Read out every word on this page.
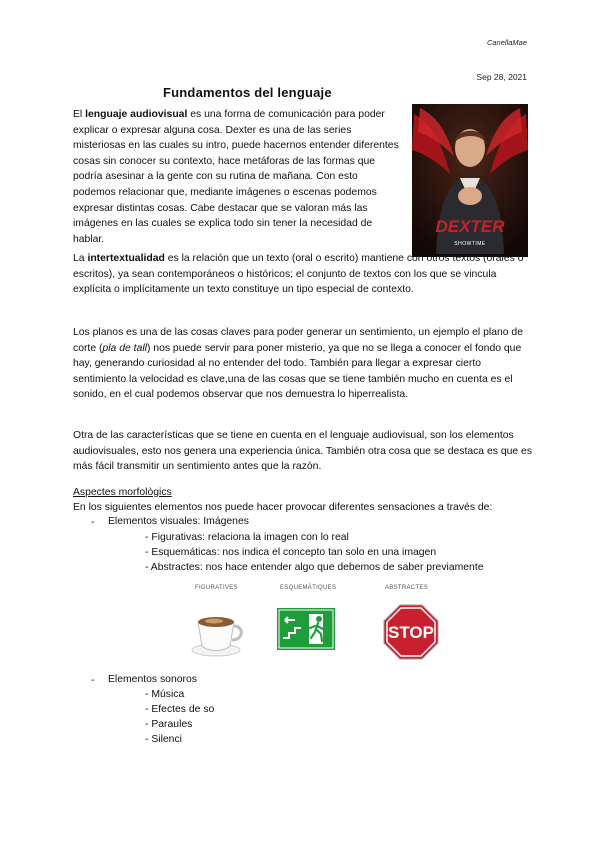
CanellaMae
Sep 28, 2021
Fundamentos del lenguaje

El lenguaje audiovisual es una forma de comunicación para poder explicar o expresar alguna cosa. Dexter es una de las series misteriosas en las cuales su intro, puede hacernos entender diferentes cosas sin conocer su contexto, hace metáforas de las formas que podría asesinar a la gente con su rutina de mañana. Con esto podemos relacionar que, mediante imágenes o escenas podemos expresar distintas cosas. Cabe destacar que se valoran más las imágenes en las cuales se explica todo sin tener la necesidad de hablar.

DEXTER
SHOWTIME

La intertextualidad es la relación que un texto (oral o escrito) mantiene con otros textos (orales o escritos), ya sean contemporáneos o históricos; el conjunto de textos con los que se vincula explícita o implícitamente un texto constituye un tipo especial de contexto.

Los planos es una de las cosas claves para poder generar un sentimiento, un ejemplo el plano de corte (pla de tall) nos puede servir para poner misterio, ya que no se llega a conocer el fondo que hay, generando curiosidad al no entender del todo. También para llegar a expresar cierto sentimiento la velocidad es clave,una de las cosas que se tiene también mucho en cuenta es el sonido, en el cual podemos observar que nos demuestra lo hiperrealista.

Otra de las características que se tiene en cuenta en el lenguaje audiovisual, son los elementos audiovisuales, esto nos genera una experiencia única. También otra cosa que se destaca es que es más fácil transmitir un sentimiento antes que la razón.

Aspectes morfològics
En los siguientes elementos nos puede hacer provocar diferentes sensaciones a través de:
- Elementos visuales: Imágenes
- Figurativas: relaciona la imagen con lo real
- Esquemáticas: nos indica el concepto tan solo en una imagen
- Abstractes: nos hace entender algo que debemos de saber previamente
FIGURATIVES	ESQUEMÀTIQUES	ABSTRACTES
STOP
- Elementos sonoros
- Música
- Efectes de so
- Paraules
- Silenci
